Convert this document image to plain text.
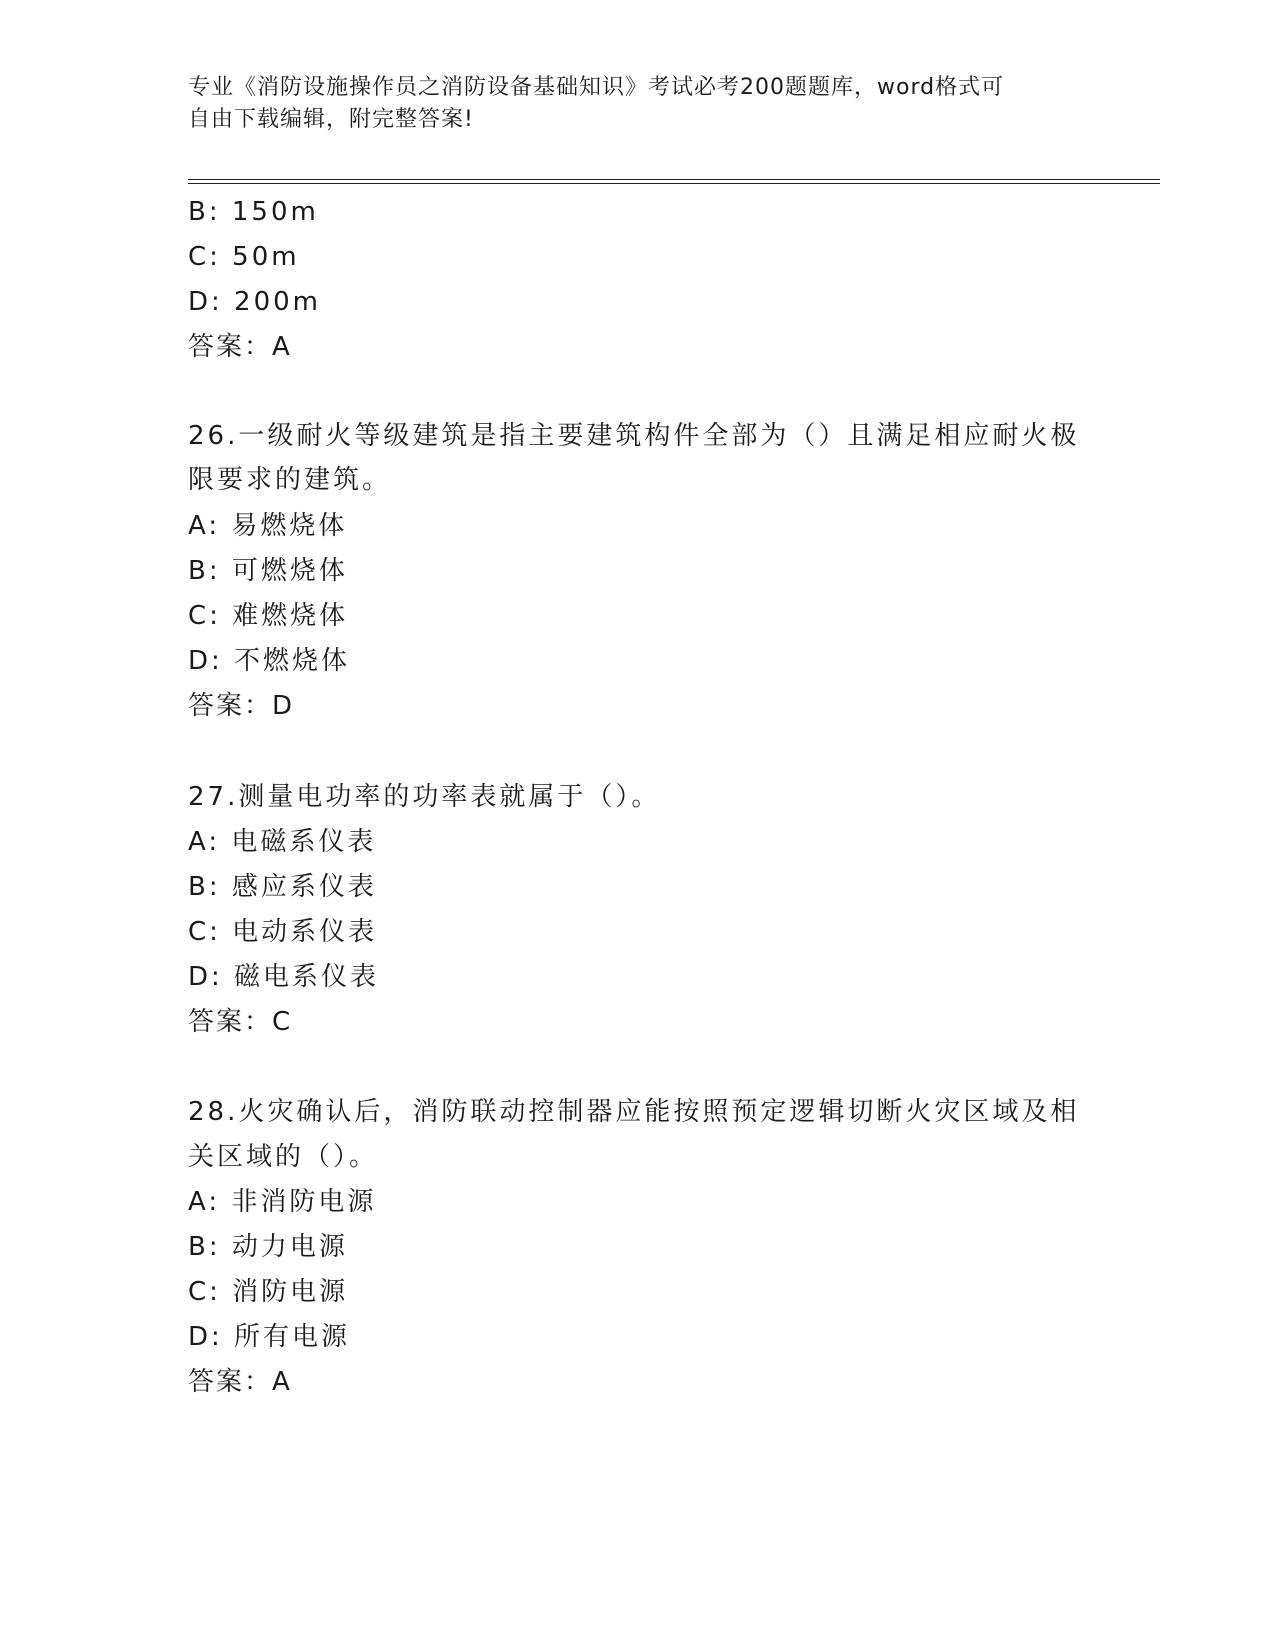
专业《消防设施操作员之消防设备基础知识》考试必考200题题库，word格式可
自由下载编辑，附完整答案!
B: 150m
C: 50m
D: 200m
答案：A
26.一级耐火等级建筑是指主要建筑构件全部为（）且满足相应耐火极
限要求的建筑。
A: 易燃烧体
B: 可燃烧体
C: 难燃烧体
D: 不燃烧体
答案：D
27.测量电功率的功率表就属于（）。
A: 电磁系仪表
B: 感应系仪表
C: 电动系仪表
D: 磁电系仪表
答案：C
28.火灾确认后，消防联动控制器应能按照预定逻辑切断火灾区域及相
关区域的（）。
A: 非消防电源
B: 动力电源
C: 消防电源
D: 所有电源
答案：A
